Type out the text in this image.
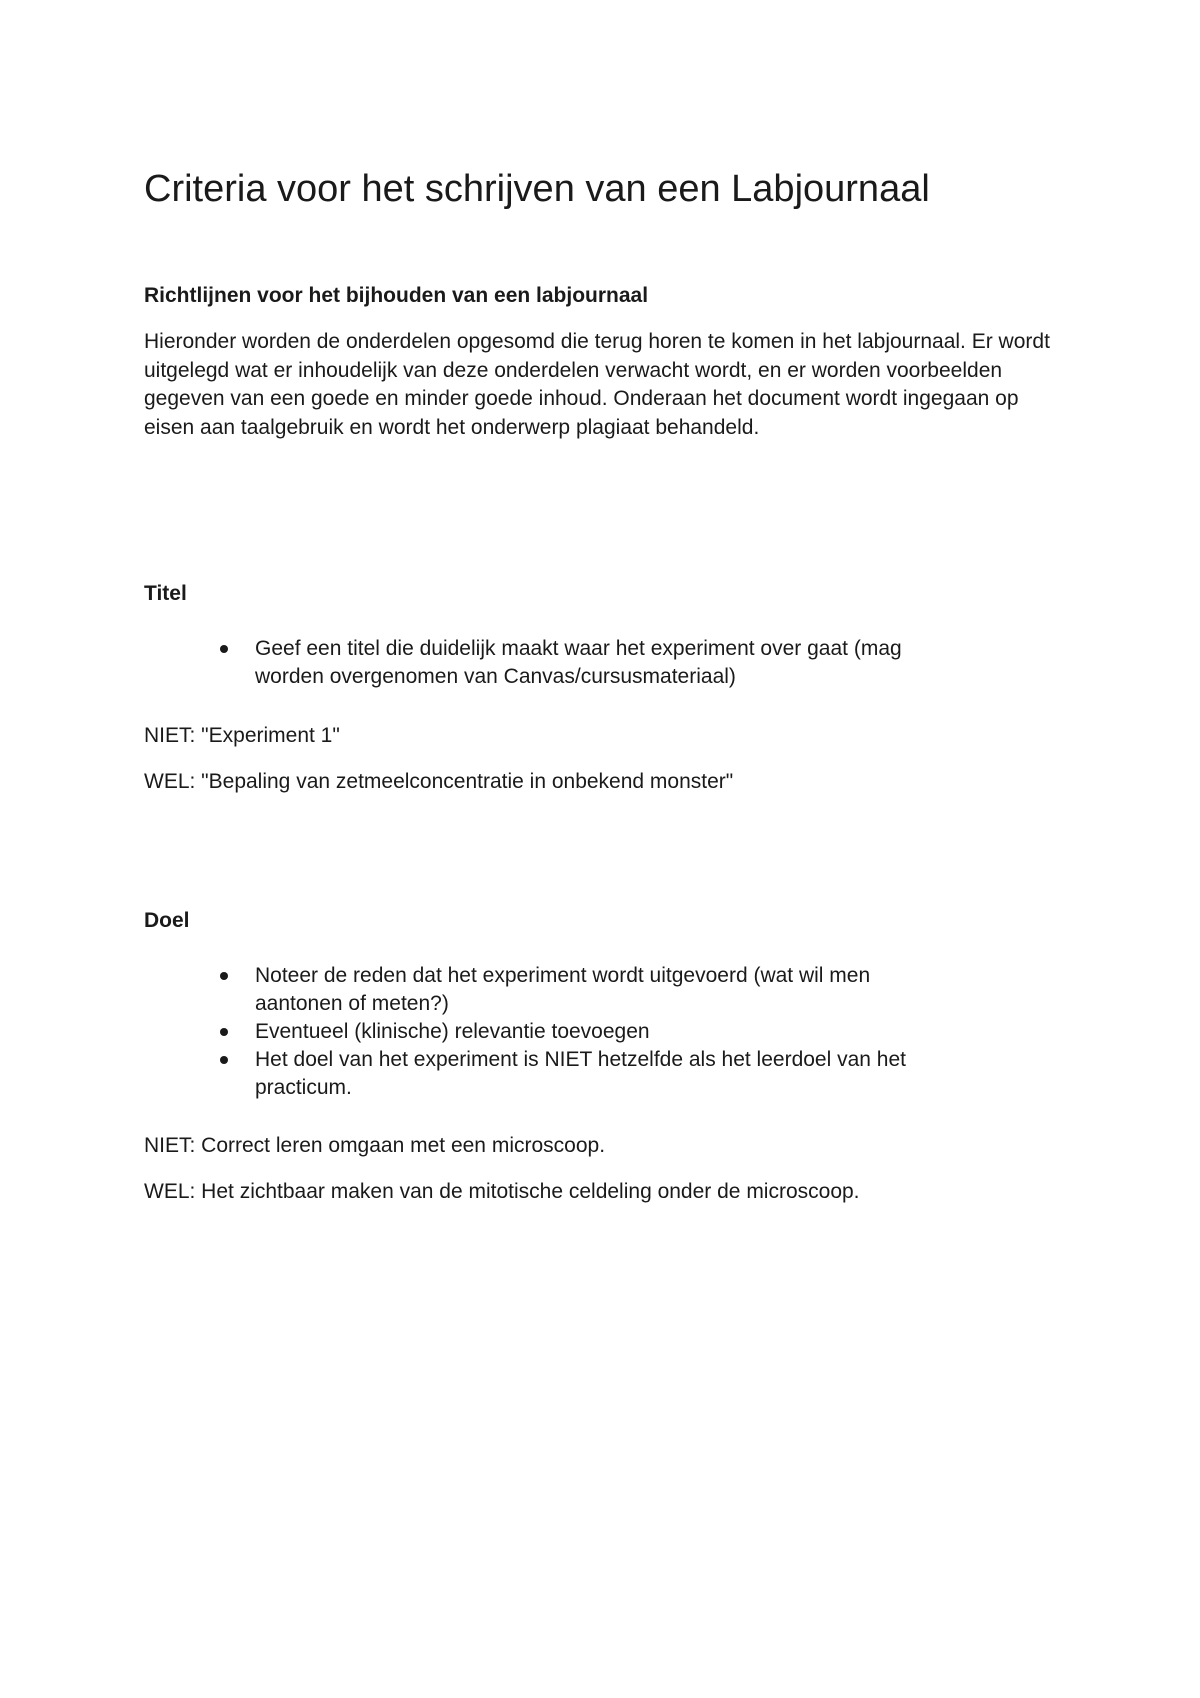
Criteria voor het schrijven van een Labjournaal
Richtlijnen voor het bijhouden van een labjournaal

Hieronder worden de onderdelen opgesomd die terug horen te komen in het labjournaal. Er wordt uitgelegd wat er inhoudelijk van deze onderdelen verwacht wordt, en er worden voorbeelden gegeven van een goede en minder goede inhoud. Onderaan het document wordt ingegaan op eisen aan taalgebruik en wordt het onderwerp plagiaat behandeld.

Titel
Geef een titel die duidelijk maakt waar het experiment over gaat (mag worden overgenomen van Canvas/cursusmateriaal)

NIET: "Experiment 1"

WEL: "Bepaling van zetmeelconcentratie in onbekend monster"

Doel
Noteer de reden dat het experiment wordt uitgevoerd (wat wil men aantonen of meten?)
Eventueel (klinische) relevantie toevoegen
Het doel van het experiment is NIET hetzelfde als het leerdoel van het practicum.

NIET: Correct leren omgaan met een microscoop.

WEL: Het zichtbaar maken van de mitotische celdeling onder de microscoop.
